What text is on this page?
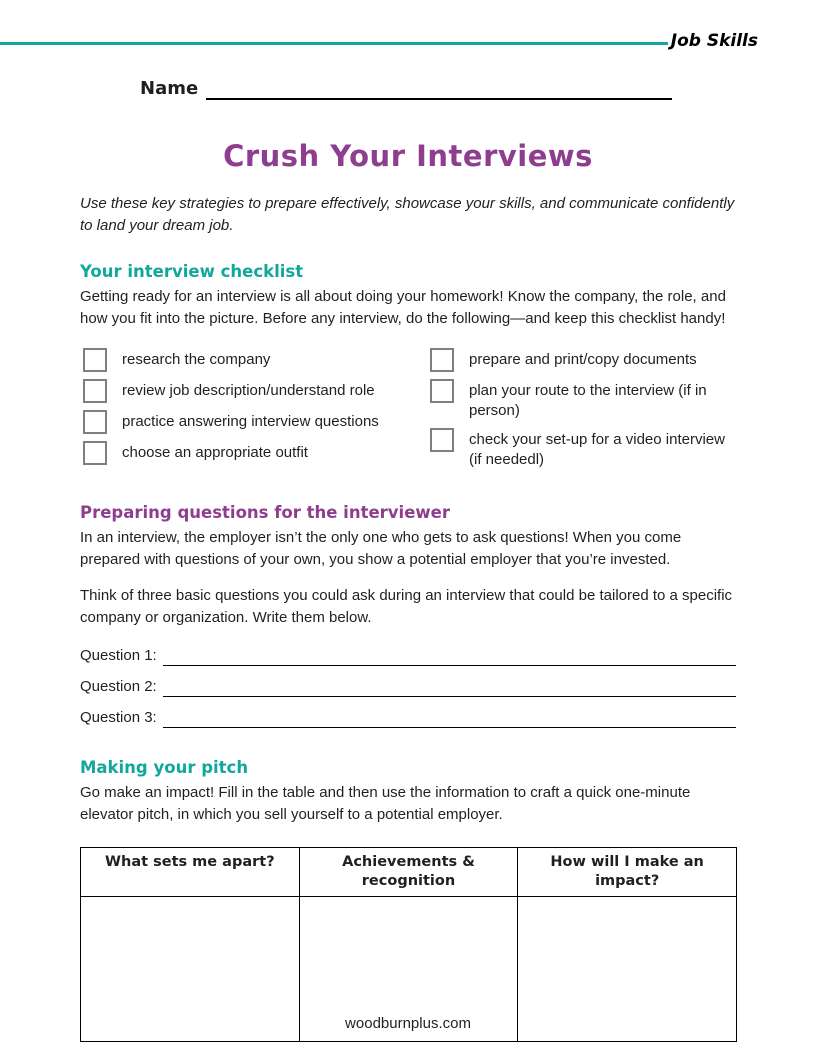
Job Skills
Name
Crush Your Interviews

Use these key strategies to prepare effectively, showcase your skills, and communicate confidently to land your dream job.

Your interview checklist

Getting ready for an interview is all about doing your homework! Know the company, the role, and how you fit into the picture. Before any interview, do the following—and keep this checklist handy!

research the company
review job description/understand role
practice answering interview questions
choose an appropriate outfit
prepare and print/copy documents
plan your route to the interview (if in person)
check your set-up for a video interview (if neededl)
Preparing questions for the interviewer

In an interview, the employer isn’t the only one who gets to ask questions! When you come prepared with questions of your own, you show a potential employer that you’re invested.

Think of three basic questions you could ask during an interview that could be tailored to a specific company or organization. Write them below.

Question 1:
Question 2:
Question 3:
Making your pitch

Go make an impact! Fill in the table and then use the information to craft a quick one-minute elevator pitch, in which you sell yourself to a potential employer.

What sets me apart?	Achievements & recognition	How will I make an impact?

woodburnplus.com
